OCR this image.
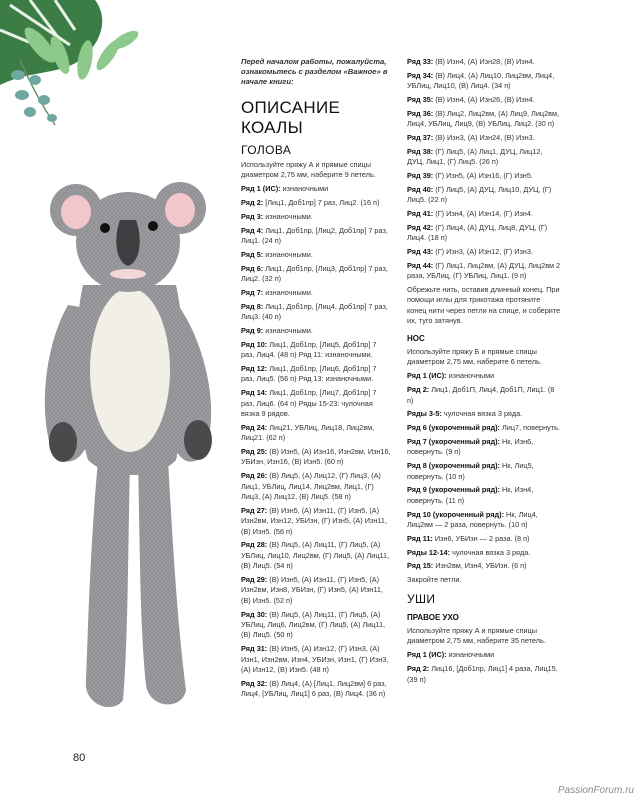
Перед началом работы, пожалуйста, ознакомьтесь с разделом «Важное» в начале книги:
ОПИСАНИЕ
КОАЛЫ
ГОЛОВА
Используйте пряжу А и прямые спицы диаметром 2,75 мм, наберите 9 петель.
Ряд 1 (ИС): изнаночными
Ряд 2: [Лиц1, Доб1пр] 7 раз, Лиц2. (16 п)
Ряд 3: изнаночными.
Ряд 4: Лиц1, Доб1пр, [Лиц2, Доб1пр] 7 раз, Лиц1. (24 п)
Ряд 5: изнаночными.
Ряд 6: Лиц1, Доб1пр, [Лиц3, Доб1пр] 7 раз, Лиц2. (32 п)
Ряд 7: изнаночными.
Ряд 8: Лиц1, Доб1пр, [Лиц4, Доб1пр] 7 раз, Лиц3. (40 п)
Ряд 9: изнаночными.
Ряд 10: Лиц1, Доб1пр, [Лиц5, Доб1пр] 7 раз, Лиц4. (48 п) Ряд 11: изнаночными.
Ряд 12: Лиц1, Доб1пр, [Лиц6, Доб1пр] 7 раз, Лиц5. (56 п) Ряд 13: изнаночными.
Ряд 14: Лиц1, Доб1пр, [Лиц7, Доб1пр] 7 раз, Лиц6. (64 п) Ряды 15-23: чулочная вязка 9 рядов.
Ряд 24: Лиц21, УБЛиц, Лиц18, Лиц2вм, Лиц21. (62 п)
Ряд 25: (В) Изн5, (А) Изн16, Изн2вм, Изн16, УБИзн, Изн16, (В) Изн5. (60 п)
Ряд 26: (В) Лиц5, (А) Лиц12, (Г) Лиц3, (А) Лиц1, УБЛиц, Лиц14, Лиц2вм, Лиц1, (Г) Лиц3, (А) Лиц12, (В) Лиц5. (58 п)
Ряд 27: (В) Изн5, (А) Изн11, (Г) Изн5, (А) Изн2вм, Изн12, УБИзн, (Г) Изн5, (А) Изн11, (В) Изн5. (56 п)
Ряд 28: (В) Лиц5, (А) Лиц11, (Г) Лиц5, (А) УБЛиц, Лиц10, Лиц2вм, (Г) Лиц5, (А) Лиц11, (В) Лиц5. (54 п)
Ряд 29: (В) Изн5, (А) Изн11, (Г) Изн5, (А) Изн2вм, Изн8, УБИзн, (Г) Изн5, (А) Изн11, (В) Изн5. (52 п)
Ряд 30: (В) Лиц5, (А) Лиц11, (Г) Лиц5, (А) УБЛиц, Лиц6, Лиц2вм, (Г) Лиц5, (А) Лиц11, (В) Лиц5. (50 п)
Ряд 31: (В) Изн5, (А) Изн12, (Г) Изн3, (А) Изн1, Изн2вм, Изн4, УБИзн, Изн1, (Г) Изн3, (А) Изн12, (В) Изн5. (48 п)
Ряд 32: (В) Лиц4, (А) [Лиц1, Лиц2вм] 6 раз, Лиц4, [УБЛиц, Лиц1] 6 раз, (В) Лиц4. (36 п)
Ряд 33: (В) Изн4, (А) Изн28, (В) Изн4.
Ряд 34: (В) Лиц4, (А) Лиц10, Лиц2вм, Лиц4, УБЛиц, Лиц10, (В) Лиц4. (34 п)
Ряд 35: (В) Изн4, (А) Изн26, (В) Изн4.
Ряд 36: (В) Лиц2, Лиц2вм, (А) Лиц9, Лиц2вм, Лиц4, УБЛиц, Лиц9, (В) УБЛиц, Лиц2. (30 п)
Ряд 37: (В) Изн3, (А) Изн24, (В) Изн3.
Ряд 38: (Г) Лиц5, (А) Лиц1, ДУЦ, Лиц12, ДУЦ, Лиц1, (Г) Лиц5. (26 п)
Ряд 39: (Г) Изн5, (А) Изн16, (Г) Изн5.
Ряд 40: (Г) Лиц5, (А) ДУЦ, Лиц10, ДУЦ, (Г) Лиц5. (22 п)
Ряд 41: (Г) Изн4, (А) Изн14, (Г) Изн4.
Ряд 42: (Г) Лиц4, (А) ДУЦ, Лиц8, ДУЦ, (Г) Лиц4. (18 п)
Ряд 43: (Г) Изн3, (А) Изн12, (Г) Изн3.
Ряд 44: (Г) Лиц1, Лиц2вм, (А) ДУЦ, Лиц2вм 2 раза, УБЛиц, (Г) УБЛиц, Лиц1. (9 п)
Обрежьте нить, оставив длинный конец. При помощи иглы для трикотажа протяните конец нити через петли на спице, и соберите их, туго затянув.
НОС
Используйте пряжу Б и прямые спицы диаметром 2,75 мм, наберите 6 петель.
Ряд 1 (ИС): изнаночными
Ряд 2: Лиц1, Доб1П, Лиц4, Доб1П, Лиц1. (8 п)
Ряды 3-5: чулочная вязка 3 ряда.
Ряд 6 (укороченный ряд): Лиц7, повернуть.
Ряд 7 (укороченный ряд): Нк, Изн6, повернуть. (9 п)
Ряд 8 (укороченный ряд): Нк, Лиц5, повернуть. (10 п)
Ряд 9 (укороченный ряд): Нк, Изн4, повернуть. (11 п)
Ряд 10 (укороченный ряд): Нк, Лиц4, Лиц2вм — 2 раза, повернуть. (10 п)
Ряд 11: Изн6, УБИзн — 2 раза. (8 п)
Ряды 12-14: чулочная вязка 3 ряда.
Ряд 15: Изн2вм, Изн4, УБИзн. (6 п)
Закройте петли.
УШИ
ПРАВОЕ УХО
Используйте пряжу А и прямые спицы диаметром 2,75 мм, наберите 35 петель.
Ряд 1 (ИС): изнаночными
Ряд 2: Лиц16, [Доб1пр, Лиц1] 4 раза, Лиц15. (39 п)
80
PassionForum.ru
